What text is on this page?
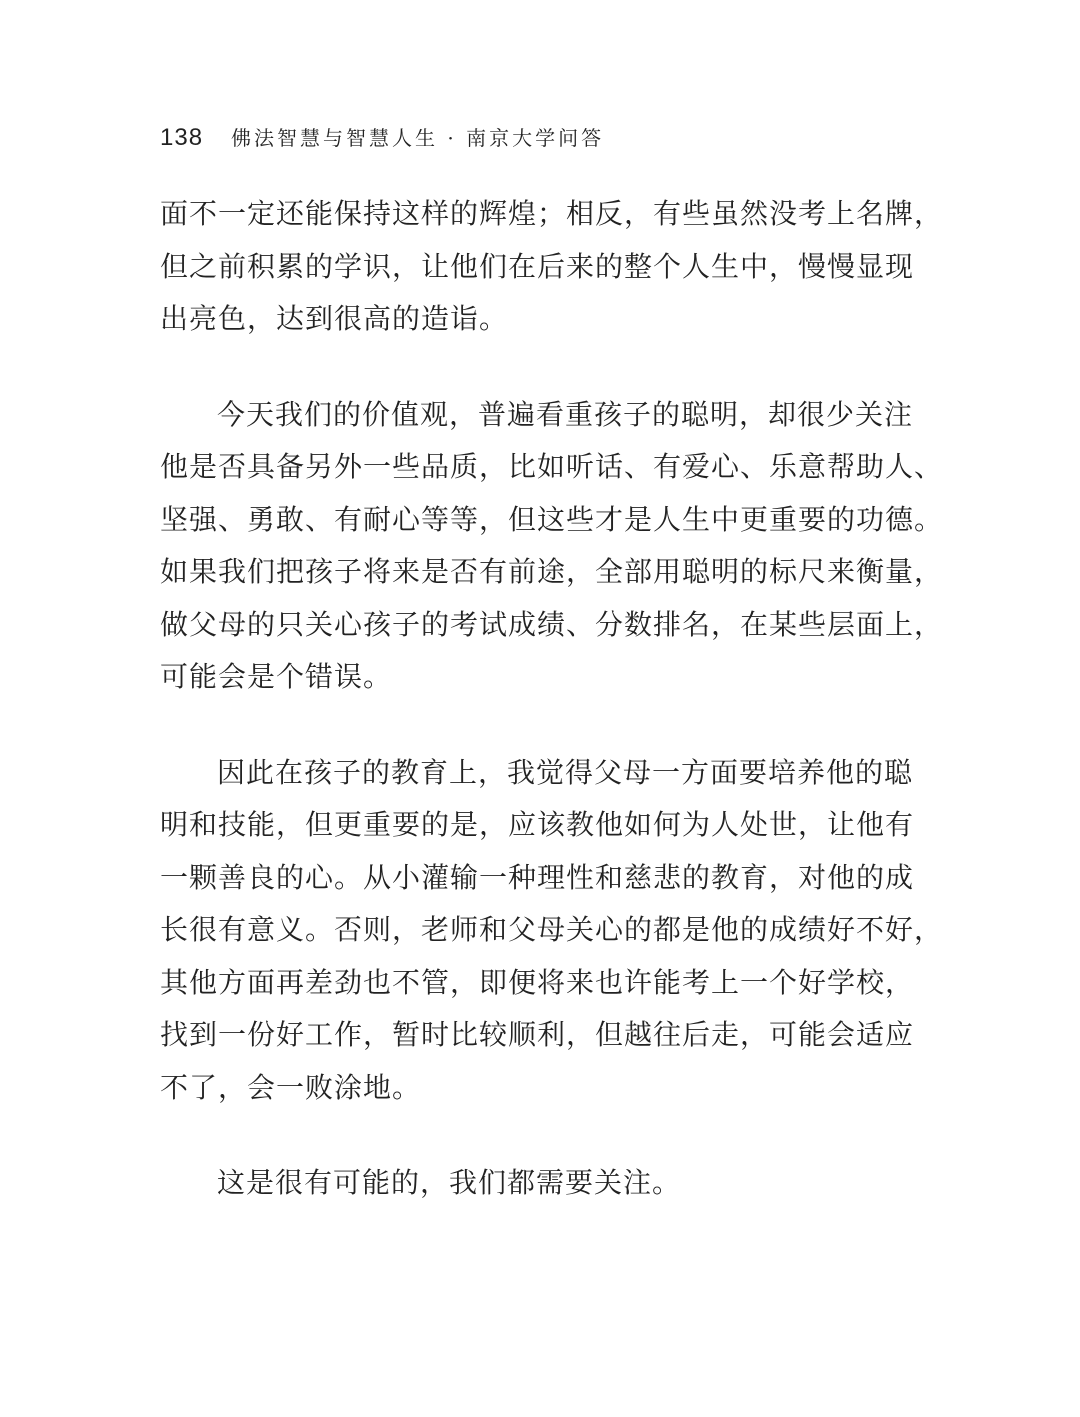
138 佛法智慧与智慧人生 · 南京大学问答
面不一定还能保持这样的辉煌；相反，有些虽然没考上名牌，
但之前积累的学识，让他们在后来的整个人生中，慢慢显现
出亮色，达到很高的造诣。
今天我们的价值观，普遍看重孩子的聪明，却很少关注
他是否具备另外一些品质，比如听话、有爱心、乐意帮助人、
坚强、勇敢、有耐心等等，但这些才是人生中更重要的功德。
如果我们把孩子将来是否有前途，全部用聪明的标尺来衡量，
做父母的只关心孩子的考试成绩、分数排名，在某些层面上，
可能会是个错误。
因此在孩子的教育上，我觉得父母一方面要培养他的聪
明和技能，但更重要的是，应该教他如何为人处世，让他有
一颗善良的心。从小灌输一种理性和慈悲的教育，对他的成
长很有意义。否则，老师和父母关心的都是他的成绩好不好，
其他方面再差劲也不管，即便将来也许能考上一个好学校，
找到一份好工作，暂时比较顺利，但越往后走，可能会适应
不了，会一败涂地。
这是很有可能的，我们都需要关注。
